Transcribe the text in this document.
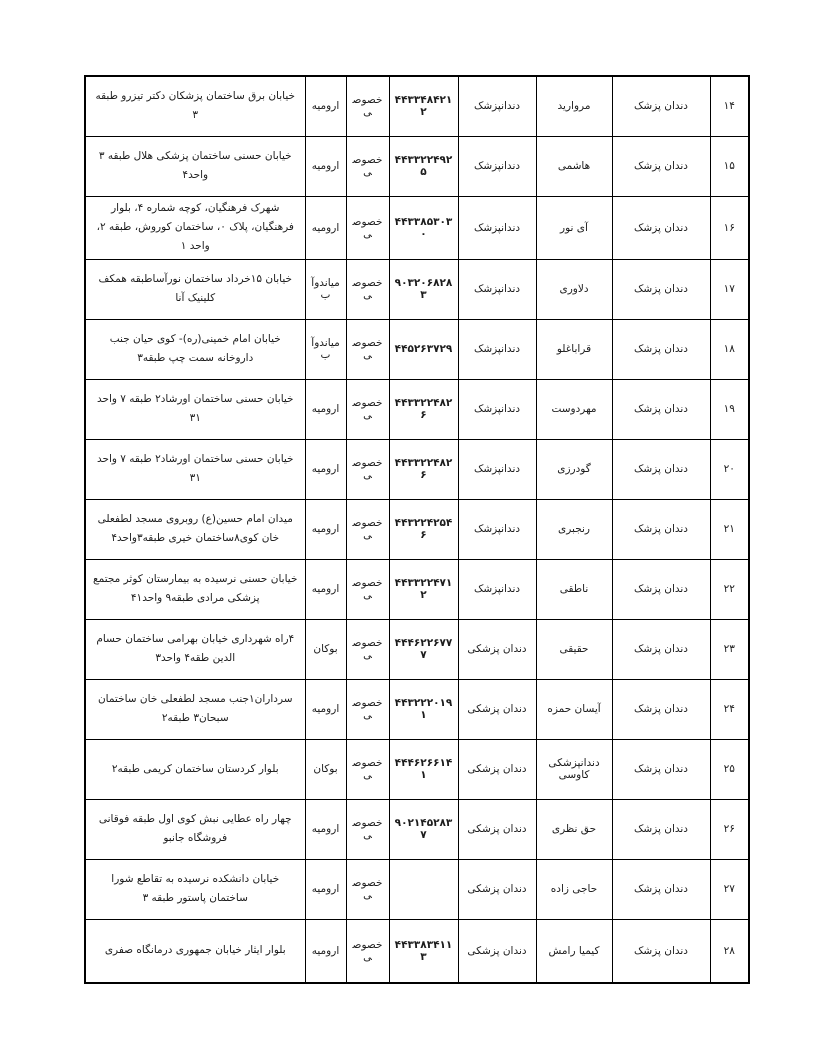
۱۴	دندان پزشک	مروارید	دندانپزشک	۴۴۳۳۴۸۴۲۱۲	خصوصی	ارومیه	خیابان برق ساختمان پزشکان دکتر تیزرو طبقه ۳
۱۵	دندان پزشک	هاشمی	دندانپزشک	۴۴۳۳۲۲۴۹۲۵	خصوصی	ارومیه	خیابان حسنی ساختمان پزشکی هلال طبقه ۳ واحد۴
۱۶	دندان پزشک	آی نور	دندانپزشک	۴۴۳۳۸۵۳۰۳۰	خصوصی	ارومیه	شهرک فرهنگیان، کوچه شماره ۴، بلوار فرهنگیان، پلاک ۰، ساختمان کوروش، طبقه ۲، واحد ۱
۱۷	دندان پزشک	دلاوری	دندانپزشک	۹۰۳۲۰۶۸۲۸۳	خصوصی	میاندوآب	خیابان ۱۵خرداد ساختمان نورآساطبقه همکف کلینیک آنا
۱۸	دندان پزشک	قراباغلو	دندانپزشک	۴۴۵۲۶۳۷۲۹	خصوصی	میاندوآب	خیابان امام خمینی(ره)- کوی حیان جنب داروخانه سمت چپ طبقه۳
۱۹	دندان پزشک	مهردوست	دندانپزشک	۴۴۳۳۲۲۴۸۲۶	خصوصی	ارومیه	خیابان حسنی ساختمان اورشاد۲ طبقه ۷ واحد ۳۱
۲۰	دندان پزشک	گودرزی	دندانپزشک	۴۴۳۳۲۲۴۸۲۶	خصوصی	ارومیه	خیابان حسنی ساختمان اورشاد۲ طبقه ۷ واحد ۳۱
۲۱	دندان پزشک	رنجبری	دندانپزشک	۴۴۳۲۲۴۲۵۴۶	خصوصی	ارومیه	میدان امام حسین(ع) روبروی مسجد لطفعلی خان کوی۸ساختمان خیری طبقه۳واحد۴
۲۲	دندان پزشک	ناطقی	دندانپزشک	۴۴۳۳۲۲۴۷۱۲	خصوصی	ارومیه	خیابان حسنی نرسیده به بیمارستان کوثر مجتمع پزشکی مرادی طبقه۹ واحد۴۱
۲۳	دندان پزشک	حقیقی	دندان پزشکی	۴۴۴۶۲۲۶۷۷۷	خصوصی	بوکان	۴راه شهرداری خیابان بهرامی ساختمان حسام الدین طقه۴ واحد۳
۲۴	دندان پزشک	آیسان حمزه	دندان پزشکی	۴۴۳۲۲۲۰۱۹۱	خصوصی	ارومیه	سرداران۱جنب مسجد لطفعلی خان ساختمان سبحان۳ طبقه۲
۲۵	دندان پزشک	دندانپزشکی کاوسی	دندان پزشکی	۴۴۴۶۲۶۶۱۴۱	خصوصی	بوکان	بلوار کردستان ساختمان کریمی طبقه۲
۲۶	دندان پزشک	حق نظری	دندان پزشکی	۹۰۲۱۴۵۲۸۳۷	خصوصی	ارومیه	چهار راه عطایی نبش کوی اول طبقه فوقانی فروشگاه جانبو
۲۷	دندان پزشک	حاجی زاده	دندان پزشکی		خصوصی	ارومیه	خیابان دانشکده نرسیده به تقاطع شورا ساختمان پاستور طبقه ۳
۲۸	دندان پزشک	کیمیا رامش	دندان پزشکی	۴۴۳۳۸۳۴۱۱۳	خصوصی	ارومیه	بلوار ایثار خیابان جمهوری درمانگاه صفری
